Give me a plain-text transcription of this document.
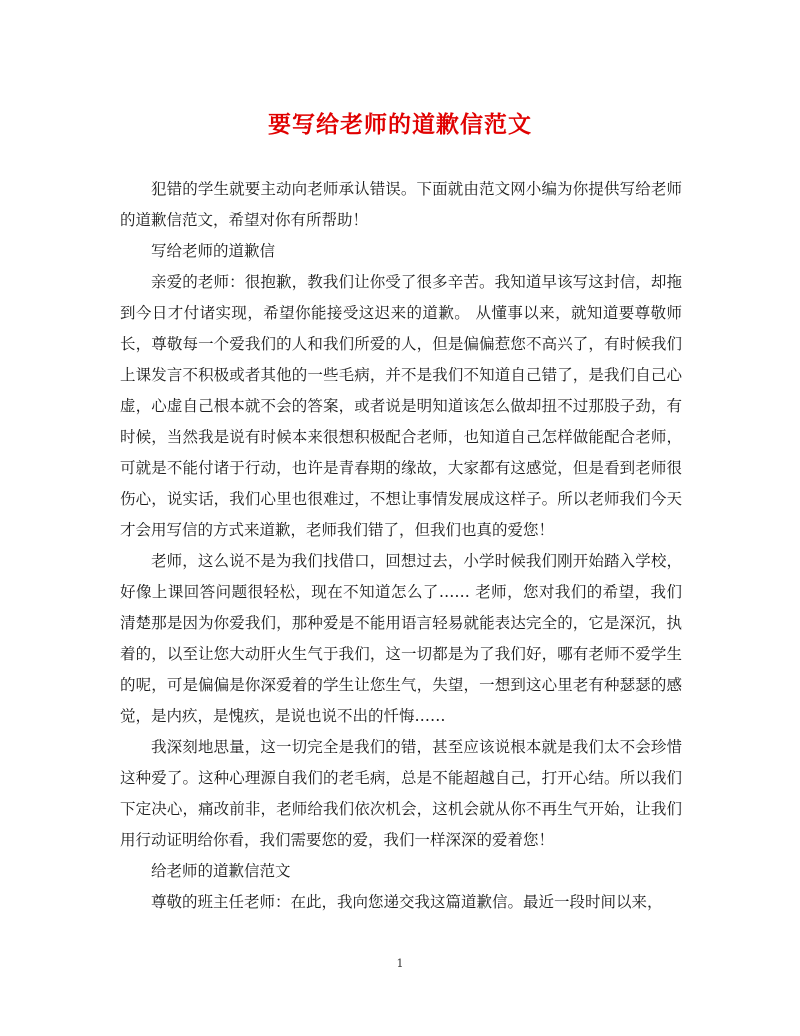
要写给老师的道歉信范文

犯错的学生就要主动向老师承认错误。下面就由范文网小编为你提供写给老师的道歉信范文，希望对你有所帮助！

写给老师的道歉信

亲爱的老师：很抱歉，教我们让你受了很多辛苦。我知道早该写这封信，却拖到今日才付诸实现，希望你能接受这迟来的道歉。 从懂事以来，就知道要尊敬师长，尊敬每一个爱我们的人和我们所爱的人，但是偏偏惹您不高兴了，有时候我们上课发言不积极或者其他的一些毛病，并不是我们不知道自己错了，是我们自己心虚，心虚自己根本就不会的答案，或者说是明知道该怎么做却扭不过那股子劲，有时候，当然我是说有时候本来很想积极配合老师，也知道自己怎样做能配合老师，可就是不能付诸于行动，也许是青春期的缘故，大家都有这感觉，但是看到老师很伤心，说实话，我们心里也很难过，不想让事情发展成这样子。所以老师我们今天才会用写信的方式来道歉，老师我们错了，但我们也真的爱您！

老师，这么说不是为我们找借口，回想过去，小学时候我们刚开始踏入学校，好像上课回答问题很轻松，现在不知道怎么了…… 老师，您对我们的希望，我们清楚那是因为你爱我们，那种爱是不能用语言轻易就能表达完全的，它是深沉，执着的，以至让您大动肝火生气于我们，这一切都是为了我们好，哪有老师不爱学生的呢，可是偏偏是你深爱着的学生让您生气，失望，一想到这心里老有种瑟瑟的感觉，是内疚，是愧疚，是说也说不出的忏悔……

我深刻地思量，这一切完全是我们的错，甚至应该说根本就是我们太不会珍惜这种爱了。这种心理源自我们的老毛病，总是不能超越自己，打开心结。所以我们下定决心，痛改前非，老师给我们依次机会，这机会就从你不再生气开始，让我们用行动证明给你看，我们需要您的爱，我们一样深深的爱着您！

给老师的道歉信范文

尊敬的班主任老师：在此，我向您递交我这篇道歉信。最近一段时间以来，

1
